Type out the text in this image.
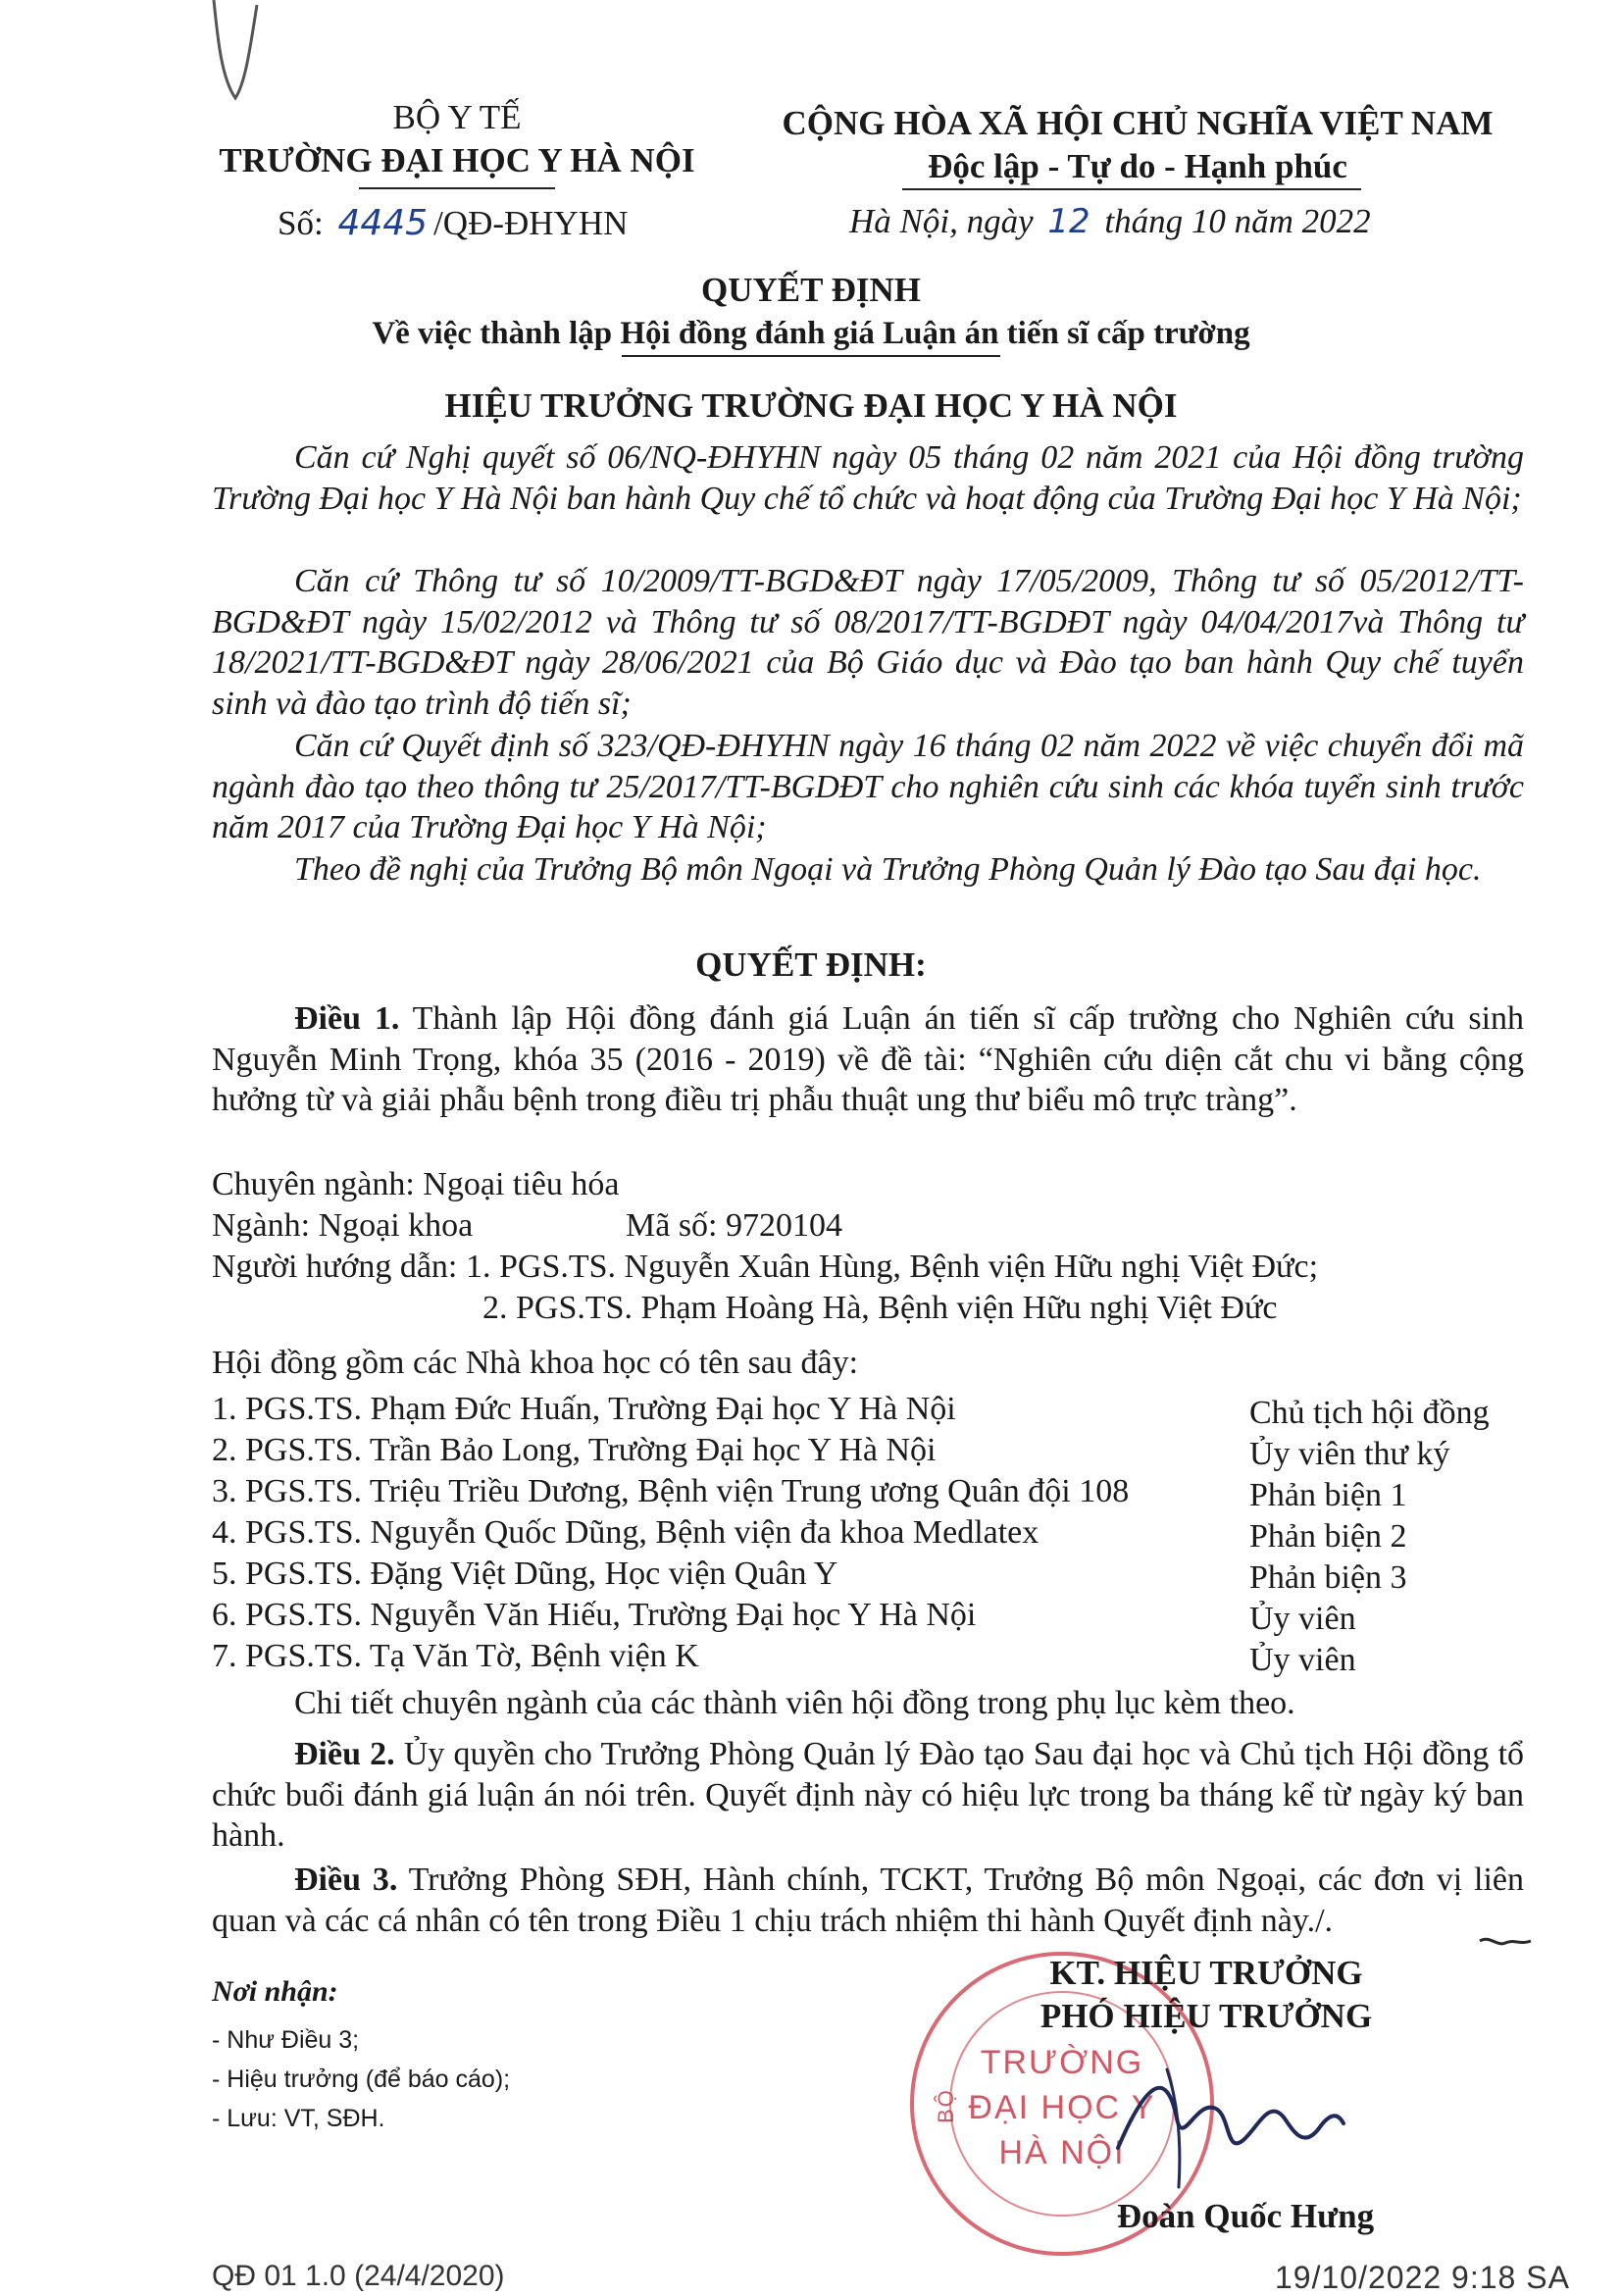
BỘ Y TẾ
TRƯỜNG ĐẠI HỌC Y HÀ NỘI
Số: 4445 /QĐ-ĐHYHN
CỘNG HÒA XÃ HỘI CHỦ NGHĨA VIỆT NAM
Độc lập - Tự do - Hạnh phúc
Hà Nội, ngày 12 tháng 10 năm 2022
QUYẾT ĐỊNH
Về việc thành lập Hội đồng đánh giá Luận án tiến sĩ cấp trường
HIỆU TRƯỞNG TRƯỜNG ĐẠI HỌC Y HÀ NỘI
Căn cứ Nghị quyết số 06/NQ-ĐHYHN ngày 05 tháng 02 năm 2021 của Hội đồng trường Trường Đại học Y Hà Nội ban hành Quy chế tổ chức và hoạt động của Trường Đại học Y Hà Nội;
Căn cứ Thông tư số 10/2009/TT-BGD&ĐT ngày 17/05/2009, Thông tư số 05/2012/TT-BGD&ĐT ngày 15/02/2012 và Thông tư số 08/2017/TT-BGDĐT ngày 04/04/2017và Thông tư 18/2021/TT-BGD&ĐT ngày 28/06/2021 của Bộ Giáo dục và Đào tạo ban hành Quy chế tuyển sinh và đào tạo trình độ tiến sĩ;
Căn cứ Quyết định số 323/QĐ-ĐHYHN ngày 16 tháng 02 năm 2022 về việc chuyển đổi mã ngành đào tạo theo thông tư 25/2017/TT-BGDĐT cho nghiên cứu sinh các khóa tuyển sinh trước năm 2017 của Trường Đại học Y Hà Nội;
Theo đề nghị của Trưởng Bộ môn Ngoại và Trưởng Phòng Quản lý Đào tạo Sau đại học.
QUYẾT ĐỊNH:
Điều 1. Thành lập Hội đồng đánh giá Luận án tiến sĩ cấp trường cho Nghiên cứu sinh Nguyễn Minh Trọng, khóa 35 (2016 - 2019) về đề tài: “Nghiên cứu diện cắt chu vi bằng cộng hưởng từ và giải phẫu bệnh trong điều trị phẫu thuật ung thư biểu mô trực tràng”.
Chuyên ngành: Ngoại tiêu hóa
Ngành: Ngoại khoa	Mã số: 9720104
Người hướng dẫn: 1. PGS.TS. Nguyễn Xuân Hùng, Bệnh viện Hữu nghị Việt Đức;
2. PGS.TS. Phạm Hoàng Hà, Bệnh viện Hữu nghị Việt Đức
Hội đồng gồm các Nhà khoa học có tên sau đây:
1. PGS.TS. Phạm Đức Huấn, Trường Đại học Y Hà Nội	Chủ tịch hội đồng
2. PGS.TS. Trần Bảo Long, Trường Đại học Y Hà Nội	Ủy viên thư ký
3. PGS.TS. Triệu Triều Dương, Bệnh viện Trung ương Quân đội 108	Phản biện 1
4. PGS.TS. Nguyễn Quốc Dũng, Bệnh viện đa khoa Medlatex	Phản biện 2
5. PGS.TS. Đặng Việt Dũng, Học viện Quân Y	Phản biện 3
6. PGS.TS. Nguyễn Văn Hiếu, Trường Đại học Y Hà Nội	Ủy viên
7. PGS.TS. Tạ Văn Tờ, Bệnh viện K	Ủy viên
Chi tiết chuyên ngành của các thành viên hội đồng trong phụ lục kèm theo.
Điều 2. Ủy quyền cho Trưởng Phòng Quản lý Đào tạo Sau đại học và Chủ tịch Hội đồng tổ chức buổi đánh giá luận án nói trên. Quyết định này có hiệu lực trong ba tháng kể từ ngày ký ban hành.
Điều 3. Trưởng Phòng SĐH, Hành chính, TCKT, Trưởng Bộ môn Ngoại, các đơn vị liên quan và các cá nhân có tên trong Điều 1 chịu trách nhiệm thi hành Quyết định này./.
Nơi nhận:
- Như Điều 3;
- Hiệu trưởng (để báo cáo);
- Lưu: VT, SĐH.
TRƯỜNG
ĐẠI HỌC Y
HÀ NỘI
BỘ
KT. HIỆU TRƯỞNG
PHÓ HIỆU TRƯỞNG
Đoàn Quốc Hưng
QĐ 01 1.0 (24/4/2020)	19/10/2022 9:18 SA
